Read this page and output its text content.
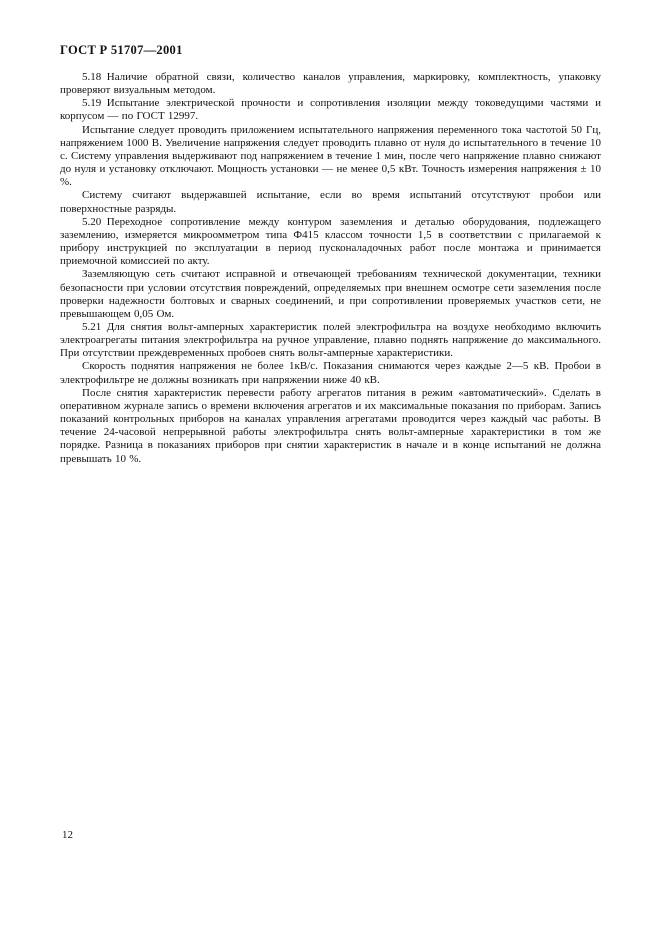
ГОСТ Р 51707—2001

5.18 Наличие обратной связи, количество каналов управления, маркировку, комплектность, упаковку проверяют визуальным методом.

5.19 Испытание электрической прочности и сопротивления изоляции между токоведущими частями и корпусом — по ГОСТ 12997.

Испытание следует проводить приложением испытательного напряжения переменного тока частотой 50 Гц, напряжением 1000 В. Увеличение напряжения следует проводить плавно от нуля до испытательного в течение 10 с. Систему управления выдерживают под напряжением в течение 1 мин, после чего напряжение плавно снижают до нуля и установку отключают. Мощность установки — не менее 0,5 кВт. Точность измерения напряжения ± 10 %.

Систему считают выдержавшей испытание, если во время испытаний отсутствуют пробои или поверхностные разряды.

5.20 Переходное сопротивление между контуром заземления и деталью оборудования, подлежащего заземлению, измеряется микроомметром типа Ф415 классом точности 1,5 в соответствии с прилагаемой к прибору инструкцией по эксплуатации в период пусконаладочных работ после монтажа и принимается приемочной комиссией по акту.

Заземляющую сеть считают исправной и отвечающей требованиям технической документации, техники безопасности при условии отсутствия повреждений, определяемых при внешнем осмотре сети заземления после проверки надежности болтовых и сварных соединений, и при сопротивлении проверяемых участков сети, не превышающем 0,05 Ом.

5.21 Для снятия вольт-амперных характеристик полей электрофильтра на воздухе необходимо включить электроагрегаты питания электрофильтра на ручное управление, плавно поднять напряжение до максимального. При отсутствии преждевременных пробоев снять вольт-амперные характеристики.

Скорость поднятия напряжения не более 1кВ/с. Показания снимаются через каждые 2—5 кВ. Пробои в электрофильтре не должны возникать при напряжении ниже 40 кВ.

После снятия характеристик перевести работу агрегатов питания в режим «автоматический». Сделать в оперативном журнале запись о времени включения агрегатов и их максимальные показания по приборам. Запись показаний контрольных приборов на каналах управления агрегатами проводится через каждый час работы. В течение 24-часовой непрерывной работы электрофильтра снять вольт-амперные характеристики в том же порядке. Разница в показаниях приборов при снятии характеристик в начале и в конце испытаний не должна превышать 10 %.

12
